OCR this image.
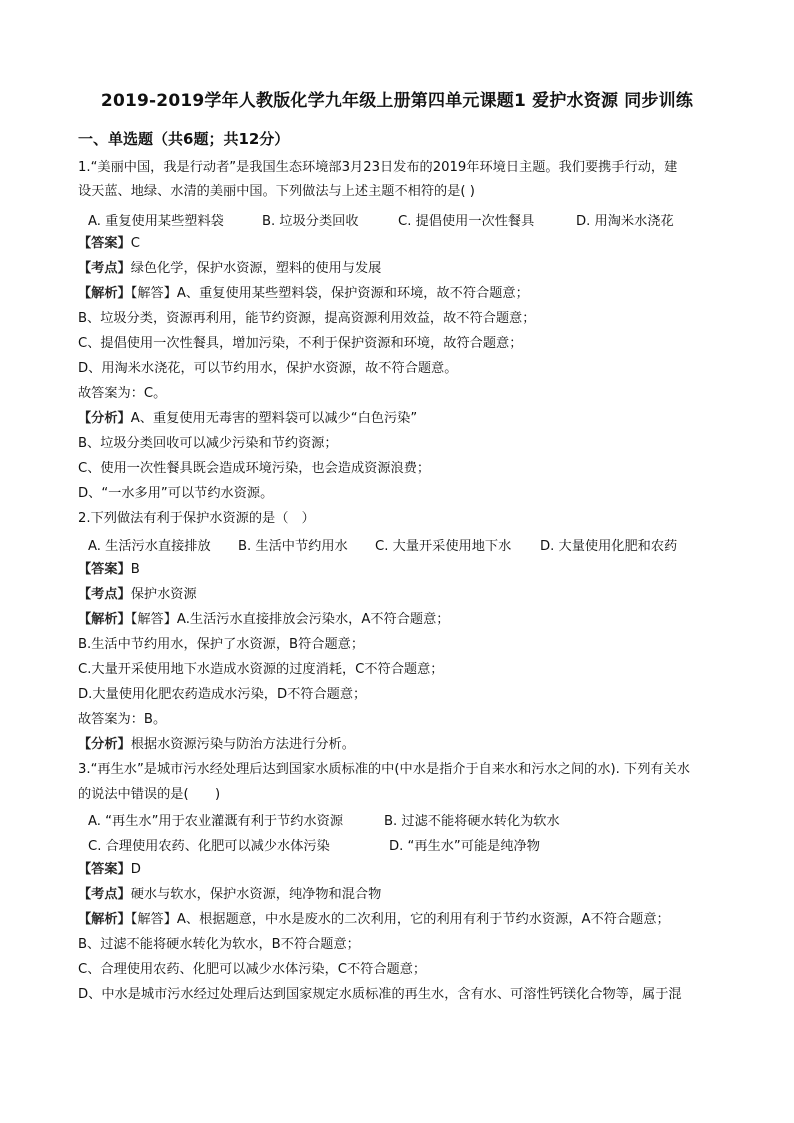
2019-2019学年人教版化学九年级上册第四单元课题1 爱护水资源 同步训练
一、单选题（共6题；共12分）
1.“美丽中国，我是行动者”是我国生态环境部3月23日发布的2019年环境日主题。我们要携手行动，建
设天蓝、地绿、水清的美丽中国。下列做法与上述主题不相符的是( )
A. 重复使用某些塑料袋	B. 垃圾分类回收	C. 提倡使用一次性餐具	D. 用淘米水浇花
【答案】C
【考点】绿色化学，保护水资源，塑料的使用与发展
【解析】【解答】A、重复使用某些塑料袋，保护资源和环境，故不符合题意；
B、垃圾分类，资源再利用，能节约资源，提高资源利用效益，故不符合题意；
C、提倡使用一次性餐具，增加污染，不利于保护资源和环境，故符合题意；
D、用淘米水浇花，可以节约用水，保护水资源，故不符合题意。
故答案为：C。
【分析】A、重复使用无毒害的塑料袋可以减少“白色污染”
B、垃圾分类回收可以减少污染和节约资源；
C、使用一次性餐具既会造成环境污染，也会造成资源浪费；
D、“一水多用”可以节约水资源。
2.下列做法有利于保护水资源的是（　）
A. 生活污水直接排放 B. 生活中节约用水 C. 大量开采使用地下水 D. 大量使用化肥和农药
【答案】B
【考点】保护水资源
【解析】【解答】A.生活污水直接排放会污染水，A不符合题意；
B.生活中节约用水，保护了水资源，B符合题意；
C.大量开采使用地下水造成水资源的过度消耗，C不符合题意；
D.大量使用化肥农药造成水污染，D不符合题意；
故答案为：B。
【分析】根据水资源污染与防治方法进行分析。
3.“再生水”是城市污水经处理后达到国家水质标准的中(中水是指介于自来水和污水之间的水). 下列有关水
的说法中错误的是(　　)
A. “再生水”用于农业灌溉有利于节约水资源	B. 过滤不能将硬水转化为软水
C. 合理使用农药、化肥可以减少水体污染	D. “再生水”可能是纯净物
【答案】D
【考点】硬水与软水，保护水资源，纯净物和混合物
【解析】【解答】A、根据题意，中水是废水的二次利用，它的利用有利于节约水资源，A不符合题意；
B、过滤不能将硬水转化为软水，B不符合题意；
C、合理使用农药、化肥可以减少水体污染，C不符合题意；
D、中水是城市污水经过处理后达到国家规定水质标准的再生水，含有水、可溶性钙镁化合物等，属于混
